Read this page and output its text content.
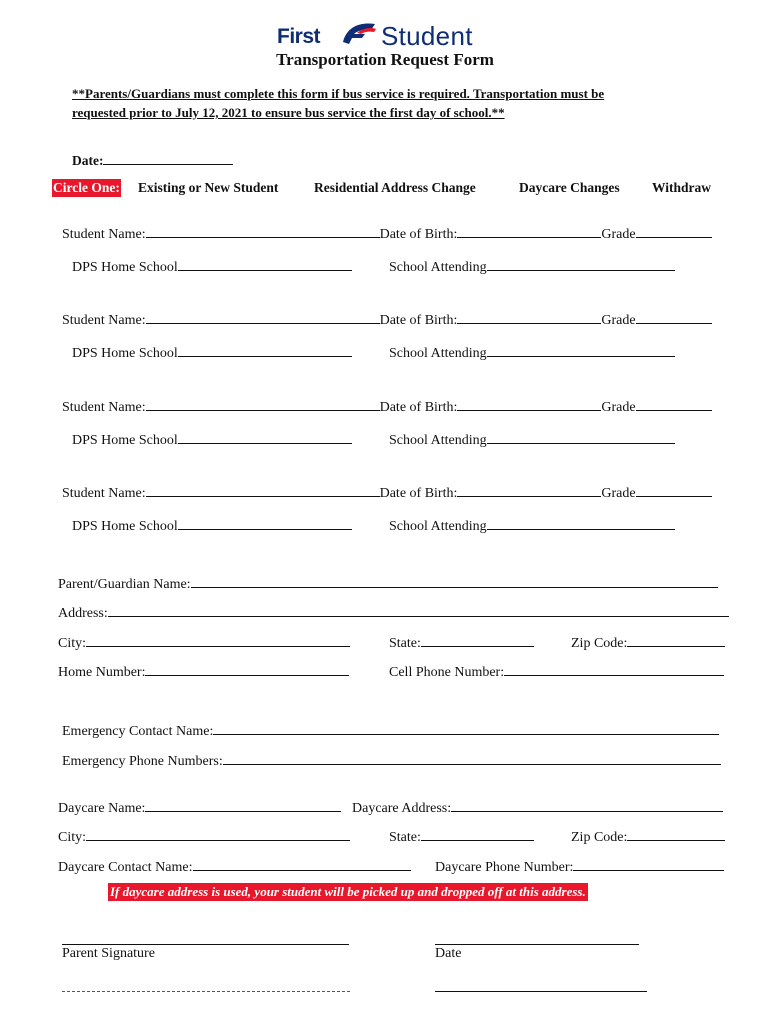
First Student
Transportation Request Form
**Parents/Guardians must complete this form if bus service is required. Transportation must be
requested prior to July 12, 2021 to ensure bus service the first day of school.**
Date:
Circle One: Existing or New Student	Residential Address Change	Daycare Changes Withdraw
Student Name:	Date of Birth:	Grade
DPS Home School	School Attending
Student Name:	Date of Birth:	Grade
DPS Home School	School Attending
Student Name:	Date of Birth:	Grade
DPS Home School	School Attending
Student Name:	Date of Birth:	Grade
DPS Home School	School Attending
Parent/Guardian Name:
Address:
City:	State:	Zip Code:
Home Number:	Cell Phone Number:
Emergency Contact Name:
Emergency Phone Numbers:
Daycare Name:	Daycare Address:
City:	State:	Zip Code:
Daycare Contact Name:	Daycare Phone Number:
If daycare address is used, your student will be picked up and dropped off at this address.
Parent Signature	Date
